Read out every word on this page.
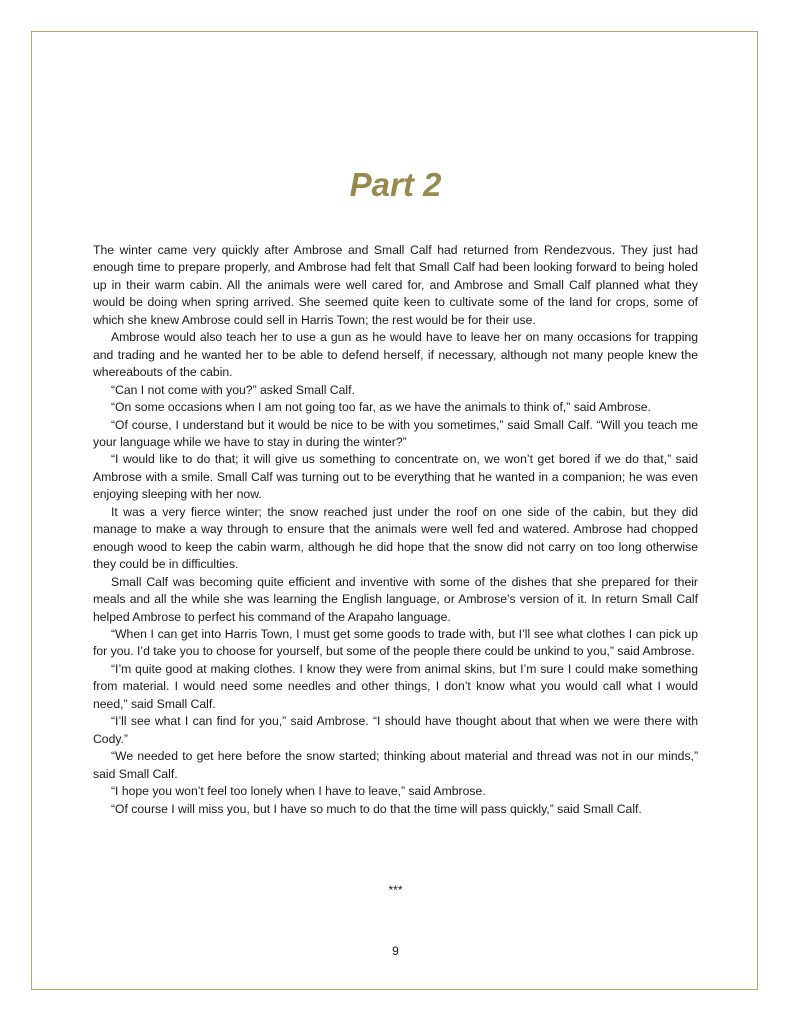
Part 2

The winter came very quickly after Ambrose and Small Calf had returned from Rendezvous. They just had enough time to prepare properly, and Ambrose had felt that Small Calf had been looking forward to being holed up in their warm cabin. All the animals were well cared for, and Ambrose and Small Calf planned what they would be doing when spring arrived. She seemed quite keen to cultivate some of the land for crops, some of which she knew Ambrose could sell in Harris Town; the rest would be for their use.

Ambrose would also teach her to use a gun as he would have to leave her on many occasions for trapping and trading and he wanted her to be able to defend herself, if necessary, although not many people knew the whereabouts of the cabin.

“Can I not come with you?” asked Small Calf.

“On some occasions when I am not going too far, as we have the animals to think of,” said Ambrose.

“Of course, I understand but it would be nice to be with you sometimes,” said Small Calf. “Will you teach me your language while we have to stay in during the winter?”

“I would like to do that; it will give us something to concentrate on, we won’t get bored if we do that,” said Ambrose with a smile. Small Calf was turning out to be everything that he wanted in a companion; he was even enjoying sleeping with her now.

It was a very fierce winter; the snow reached just under the roof on one side of the cabin, but they did manage to make a way through to ensure that the animals were well fed and watered. Ambrose had chopped enough wood to keep the cabin warm, although he did hope that the snow did not carry on too long otherwise they could be in difficulties.

Small Calf was becoming quite efficient and inventive with some of the dishes that she prepared for their meals and all the while she was learning the English language, or Ambrose’s version of it. In return Small Calf helped Ambrose to perfect his command of the Arapaho language.

“When I can get into Harris Town, I must get some goods to trade with, but I’ll see what clothes I can pick up for you. I’d take you to choose for yourself, but some of the people there could be unkind to you,” said Ambrose.

“I’m quite good at making clothes. I know they were from animal skins, but I’m sure I could make something from material. I would need some needles and other things, I don’t know what you would call what I would need,” said Small Calf.

“I’ll see what I can find for you,” said Ambrose. “I should have thought about that when we were there with Cody.”

“We needed to get here before the snow started; thinking about material and thread was not in our minds,” said Small Calf.

“I hope you won’t feel too lonely when I have to leave,” said Ambrose.

“Of course I will miss you, but I have so much to do that the time will pass quickly,” said Small Calf.

***
9
